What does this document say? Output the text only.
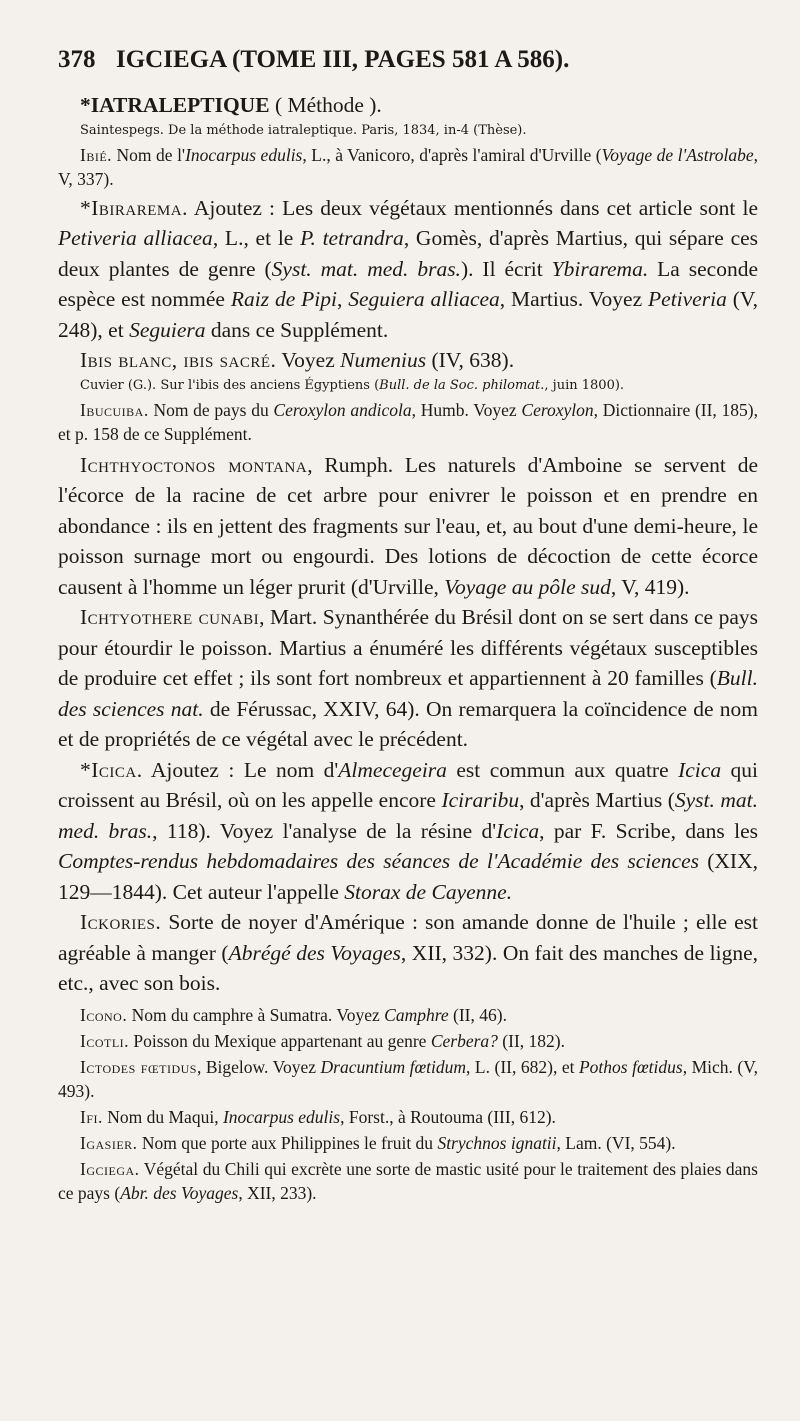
378 IGCIEGA (TOME III, PAGES 581 A 586).
*IATRALEPTIQUE ( Méthode ).
Saintespegs. De la méthode iatraleptique. Paris, 1834, in-4 (Thèse).
Ibié. Nom de l'Inocarpus edulis, L., à Vanicoro, d'après l'amiral d'Urville (Voyage de l'Astrolabe, V, 337).
*Ibirarema. Ajoutez : Les deux végétaux mentionnés dans cet article sont le Petiveria alliacea, L., et le P. tetrandra, Gomès, d'après Martius, qui sépare ces deux plantes de genre (Syst. mat. med. bras.). Il écrit Ybirarema. La seconde espèce est nommée Raiz de Pipi, Seguiera alliacea, Martius. Voyez Petiveria (V, 248), et Seguiera dans ce Supplément.
Ibis blanc, ibis sacré. Voyez Numenius (IV, 638).
Cuvier (G.). Sur l'ibis des anciens Égyptiens (Bull. de la Soc. philomat., juin 1800).
Ibucuiba. Nom de pays du Ceroxylon andicola, Humb. Voyez Ceroxylon, Dictionnaire (II, 185), et p. 158 de ce Supplément.
Ichthyoctonos montana, Rumph. Les naturels d'Amboine se servent de l'écorce de la racine de cet arbre pour enivrer le poisson et en prendre en abondance : ils en jettent des fragments sur l'eau, et, au bout d'une demi-heure, le poisson surnage mort ou engourdi. Des lotions de décoction de cette écorce causent à l'homme un léger prurit (d'Urville, Voyage au pôle sud, V, 419).
Ichtyothere cunabi, Mart. Synanthérée du Brésil dont on se sert dans ce pays pour étourdir le poisson. Martius a énuméré les différents végétaux susceptibles de produire cet effet ; ils sont fort nombreux et appartiennent à 20 familles (Bull. des sciences nat. de Férussac, XXIV, 64). On remarquera la coïncidence de nom et de propriétés de ce végétal avec le précédent.
*Icica. Ajoutez : Le nom d'Almecegeira est commun aux quatre Icica qui croissent au Brésil, où on les appelle encore Iciraribu, d'après Martius (Syst. mat. med. bras., 118). Voyez l'analyse de la résine d'Icica, par F. Scribe, dans les Comptes-rendus hebdomadaires des séances de l'Académie des sciences (XIX, 129—1844). Cet auteur l'appelle Storax de Cayenne.
Ickories. Sorte de noyer d'Amérique : son amande donne de l'huile ; elle est agréable à manger (Abrégé des Voyages, XII, 332). On fait des manches de ligne, etc., avec son bois.
Icono. Nom du camphre à Sumatra. Voyez Camphre (II, 46).
Icotli. Poisson du Mexique appartenant au genre Cerbera? (II, 182).
Ictodes fœtidus, Bigelow. Voyez Dracuntium fœtidum, L. (II, 682), et Pothos fœtidus, Mich. (V, 493).
Ifi. Nom du Maqui, Inocarpus edulis, Forst., à Routouma (III, 612).
Igasier. Nom que porte aux Philippines le fruit du Strychnos ignatii, Lam. (VI, 554).
Igciega. Végétal du Chili qui excrète une sorte de mastic usité pour le traitement des plaies dans ce pays (Abr. des Voyages, XII, 233).
